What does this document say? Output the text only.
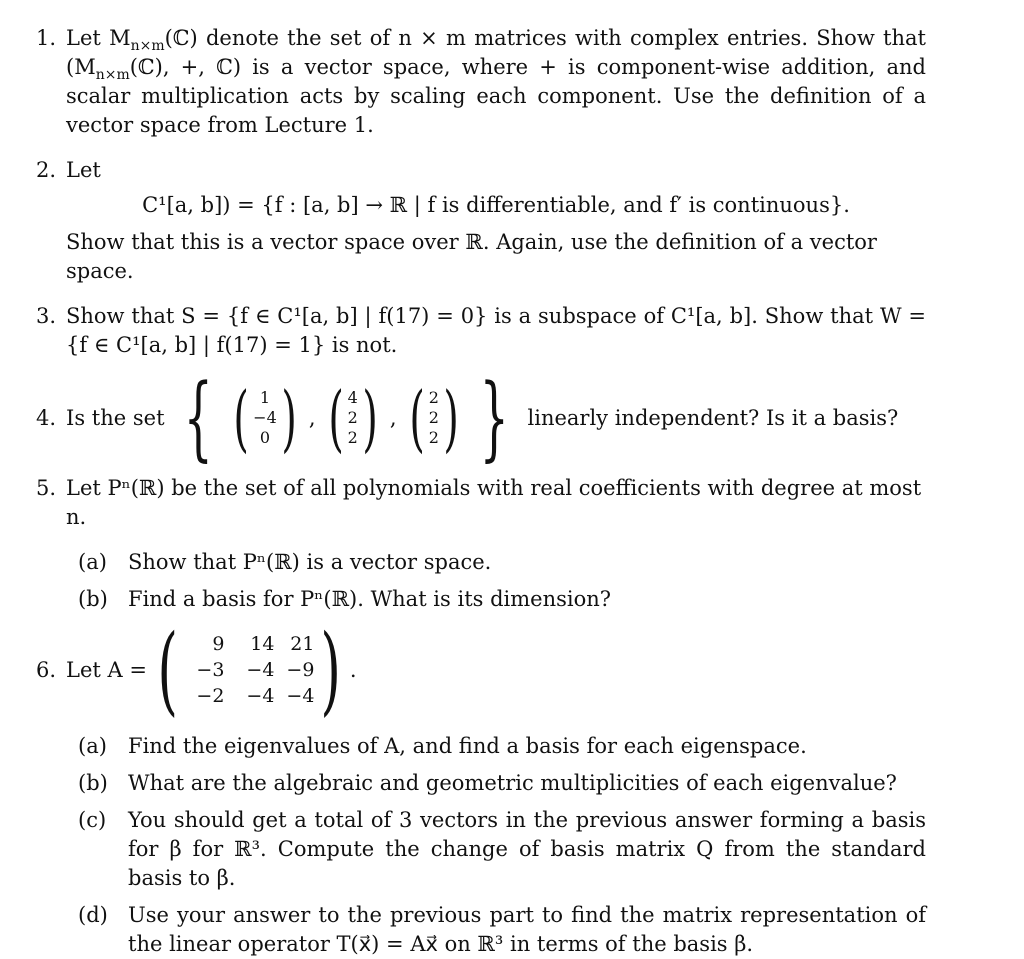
1. Let $M_{n\times m}(ℂ)$ denote the set of n × m matrices with complex entries. Show that ($M_{n\times m}(ℂ)$, +, ℂ) is a vector space, where + is component-wise addition, and scalar multiplication acts by scaling each component. Use the definition of a vector space from Lecture 1.
2. Let
C¹[a, b]) = {f : [a, b] → ℝ | f is differentiable, and f′ is continuous}.
Show that this is a vector space over ℝ. Again, use the definition of a vector space.
3. Show that S = {f ∈ C¹[a, b] | f(17) = 0} is a subspace of C¹[a, b]. Show that W = {f ∈ C¹[a, b] | f(17) = 1} is not.
4. Is the set { ( 1
−4
0 ) , ( 4
2
2 ) , ( 2
2
2 ) } linearly independent? Is it a basis?
5. Let Pⁿ(ℝ) be the set of all polynomials with real coefficients with degree at most n.
(a) Show that Pⁿ(ℝ) is a vector space.
(b) Find a basis for Pⁿ(ℝ). What is its dimension?
6. Let A = (	9	14 21
−3	−4 −9
−2	−4 −4 ) .
(a) Find the eigenvalues of A, and find a basis for each eigenspace.
(b) What are the algebraic and geometric multiplicities of each eigenvalue?
(c) You should get a total of 3 vectors in the previous answer forming a basis for β for ℝ³. Compute the change of basis matrix Q from the standard basis to β.
(d) Use your answer to the previous part to find the matrix representation of the linear operator T(x⃗) = Ax⃗ on ℝ³ in terms of the basis β.
